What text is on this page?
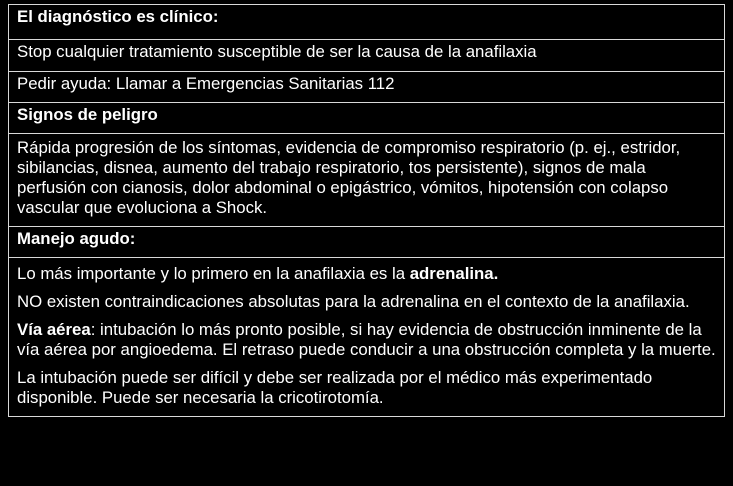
El diagnóstico es clínico:
Stop cualquier tratamiento susceptible de ser la causa de la anafilaxia
Pedir ayuda: Llamar a Emergencias Sanitarias 112
Signos de peligro
Rápida progresión de los síntomas, evidencia de compromiso respiratorio (p. ej., estridor, sibilancias, disnea, aumento del trabajo respiratorio, tos persistente), signos de mala perfusión con cianosis, dolor abdominal o epigástrico, vómitos, hipotensión con colapso vascular que evoluciona a Shock.
Manejo agudo:

Lo más importante y lo primero en la anafilaxia es la adrenalina.

NO existen contraindicaciones absolutas para la adrenalina en el contexto de la anafilaxia.

Vía aérea: intubación lo más pronto posible, si hay evidencia de obstrucción inminente de la vía aérea por angioedema. El retraso puede conducir a una obstrucción completa y la muerte.

La intubación puede ser difícil y debe ser realizada por el médico más experimentado disponible. Puede ser necesaria la cricotirotomía.
